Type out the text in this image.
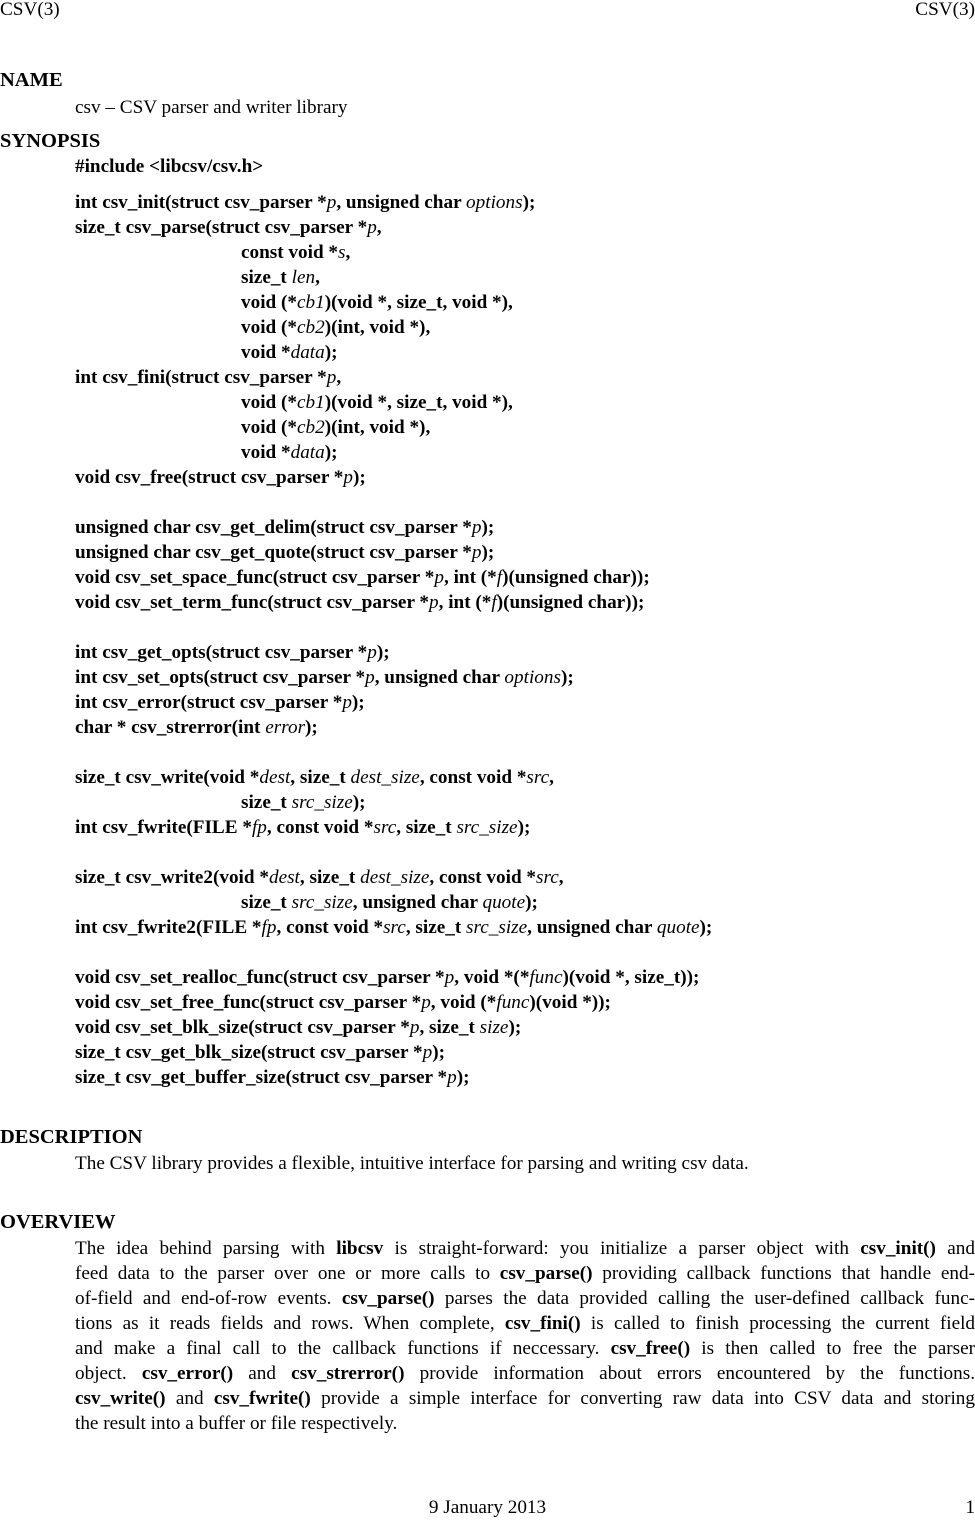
CSV(3)	CSV(3)
NAME
csv – CSV parser and writer library
SYNOPSIS
#include <libcsv/csv.h>
int csv_init(struct csv_parser *p, unsigned char options);
size_t csv_parse(struct csv_parser *p,
const void *s,
size_t len,
void (*cb1)(void *, size_t, void *),
void (*cb2)(int, void *),
void *data);
int csv_fini(struct csv_parser *p,
void (*cb1)(void *, size_t, void *),
void (*cb2)(int, void *),
void *data);
void csv_free(struct csv_parser *p);
unsigned char csv_get_delim(struct csv_parser *p);
unsigned char csv_get_quote(struct csv_parser *p);
void csv_set_space_func(struct csv_parser *p, int (*f)(unsigned char));
void csv_set_term_func(struct csv_parser *p, int (*f)(unsigned char));
int csv_get_opts(struct csv_parser *p);
int csv_set_opts(struct csv_parser *p, unsigned char options);
int csv_error(struct csv_parser *p);
char * csv_strerror(int error);
size_t csv_write(void *dest, size_t dest_size, const void *src,
size_t src_size);
int csv_fwrite(FILE *fp, const void *src, size_t src_size);
size_t csv_write2(void *dest, size_t dest_size, const void *src,
size_t src_size, unsigned char quote);
int csv_fwrite2(FILE *fp, const void *src, size_t src_size, unsigned char quote);
void csv_set_realloc_func(struct csv_parser *p, void *(*func)(void *, size_t));
void csv_set_free_func(struct csv_parser *p, void (*func)(void *));
void csv_set_blk_size(struct csv_parser *p, size_t size);
size_t csv_get_blk_size(struct csv_parser *p);
size_t csv_get_buffer_size(struct csv_parser *p);
DESCRIPTION
The CSV library provides a flexible, intuitive interface for parsing and writing csv data.
OVERVIEW
The idea behind parsing with libcsv is straight-forward: you initialize a parser object with csv_init() and
feed data to the parser over one or more calls to csv_parse() providing callback functions that handle end-
of-field and end-of-row events. csv_parse() parses the data provided calling the user-defined callback func-
tions as it reads fields and rows. When complete, csv_fini() is called to finish processing the current field
and make a final call to the callback functions if neccessary. csv_free() is then called to free the parser
object. csv_error() and csv_strerror() provide information about errors encountered by the functions.
csv_write() and csv_fwrite() provide a simple interface for converting raw data into CSV data and storing
the result into a buffer or file respectively.
9 January 2013	1
